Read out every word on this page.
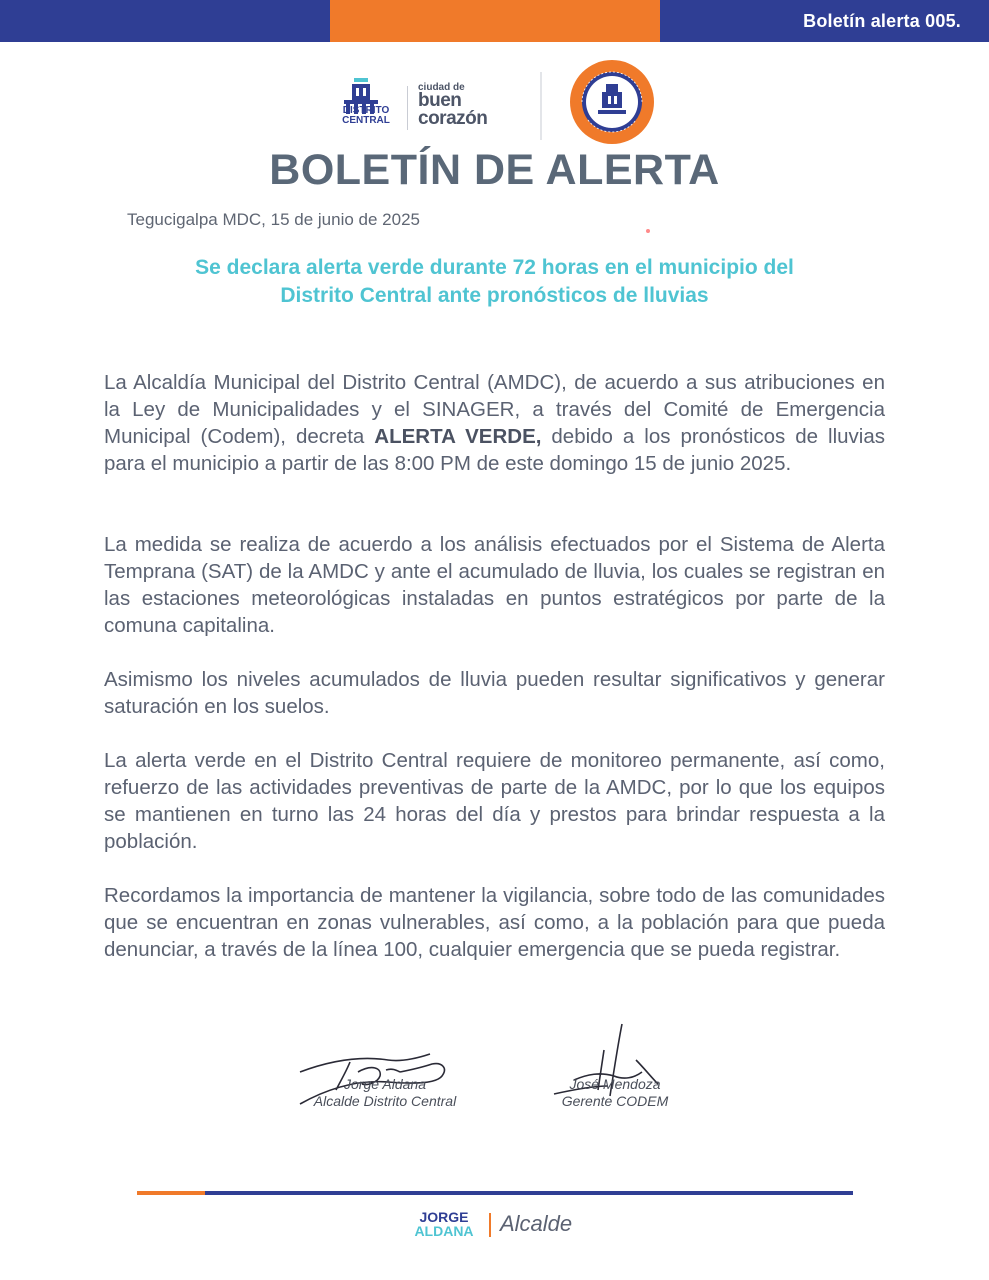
Boletín alerta 005.
DISTRITO
CENTRAL
ciudad de
buen
corazón
BOLETÍN DE ALERTA
Tegucigalpa MDC, 15 de junio de 2025
Se declara alerta verde durante 72 horas en el municipio del
Distrito Central ante pronósticos de lluvias
La Alcaldía Municipal del Distrito Central (AMDC), de acuerdo a sus atribuciones en la Ley de Municipalidades y el SINAGER, a través del Comité de Emergencia Municipal (Codem), decreta ALERTA VERDE, debido a los pronósticos de lluvias para el municipio a partir de las 8:00 PM de este domingo 15 de junio 2025.
La medida se realiza de acuerdo a los análisis efectuados por el Sistema de Alerta Temprana (SAT) de la AMDC y ante el acumulado de lluvia, los cuales se registran en las estaciones meteorológicas instaladas en puntos estratégicos por parte de la comuna capitalina.
Asimismo los niveles acumulados de lluvia pueden resultar significativos y generar saturación en los suelos.
La alerta verde en el Distrito Central requiere de monitoreo permanente, así como, refuerzo de las actividades preventivas de parte de la AMDC, por lo que los equipos se mantienen en turno las 24 horas del día y prestos para brindar respuesta a la población.
Recordamos la importancia de mantener la vigilancia, sobre todo de las comunidades que se encuentran en zonas vulnerables, así como, a la población para que pueda denunciar, a través de la línea 100, cualquier emergencia que se pueda registrar.
Jorge Aldana
Alcalde Distrito Central
José Mendoza
Gerente CODEM
JORGE
ALDANA	Alcalde
